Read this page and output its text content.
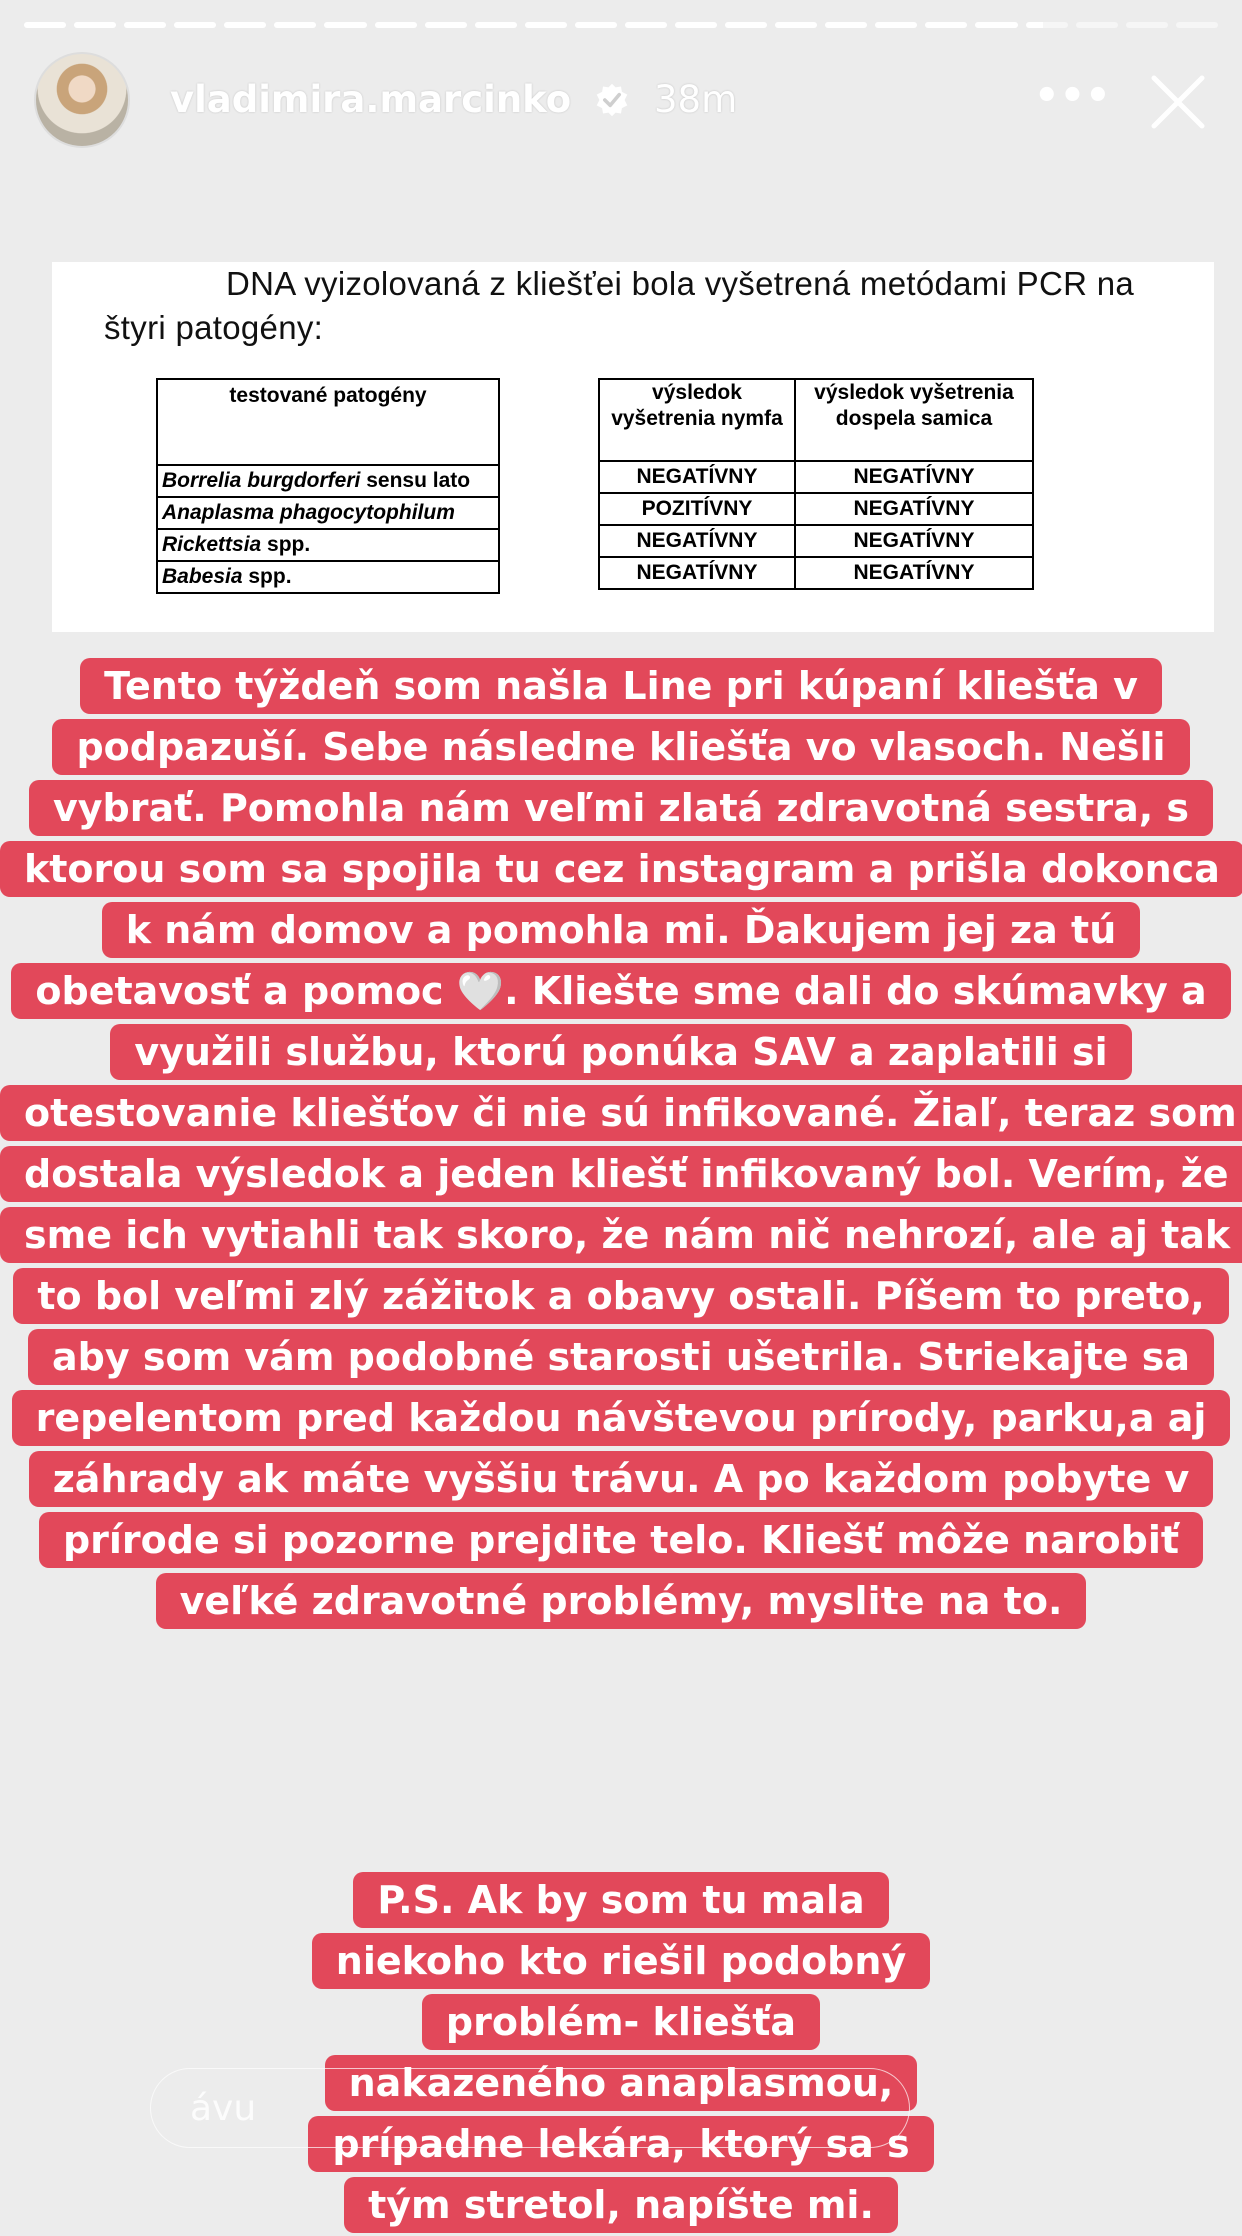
vladimira.marcinko 38m	•••
DNA vyizolovaná z kliešťei bola vyšetrená metódami PCR na štyri patogény:
testované patogény
Borrelia burgdorferi sensu lato
Anaplasma phagocytophilum
Rickettsia spp.
Babesia spp.
výsledok vyšetrenia nymfa	výsledok vyšetrenia dospela samica
NEGATÍVNY	NEGATÍVNY
POZITÍVNY	NEGATÍVNY
NEGATÍVNY	NEGATÍVNY
NEGATÍVNY	NEGATÍVNY
Tento týždeň som našla Line pri kúpaní kliešťa v podpazuší. Sebe následne kliešťa vo vlasoch. Nešli vybrať. Pomohla nám veľmi zlatá zdravotná sestra, s ktorou som sa spojila tu cez instagram a prišla dokonca k nám domov a pomohla mi. Ďakujem jej za tú obetavosť a pomoc 🤍. Kliešte sme dali do skúmavky a využili službu, ktorú ponúka SAV a zaplatili si otestovanie kliešťov či nie sú infikované. Žiaľ, teraz som dostala výsledok a jeden kliešť infikovaný bol. Verím, že sme ich vytiahli tak skoro, že nám nič nehrozí, ale aj tak to bol veľmi zlý zážitok a obavy ostali. Píšem to preto, aby som vám podobné starosti ušetrila. Striekajte sa repelentom pred každou návštevou prírody, parku,a aj záhrady ak máte vyššiu trávu. A po každom pobyte v prírode si pozorne prejdite telo. Kliešť môže narobiť veľké zdravotné problémy, myslite na to.
P.S. Ak by som tu mala niekoho kto riešil podobný problém- kliešťa nakazeného anaplasmou, prípadne lekára, ktorý sa s tým stretol, napíšte mi.
ávu
